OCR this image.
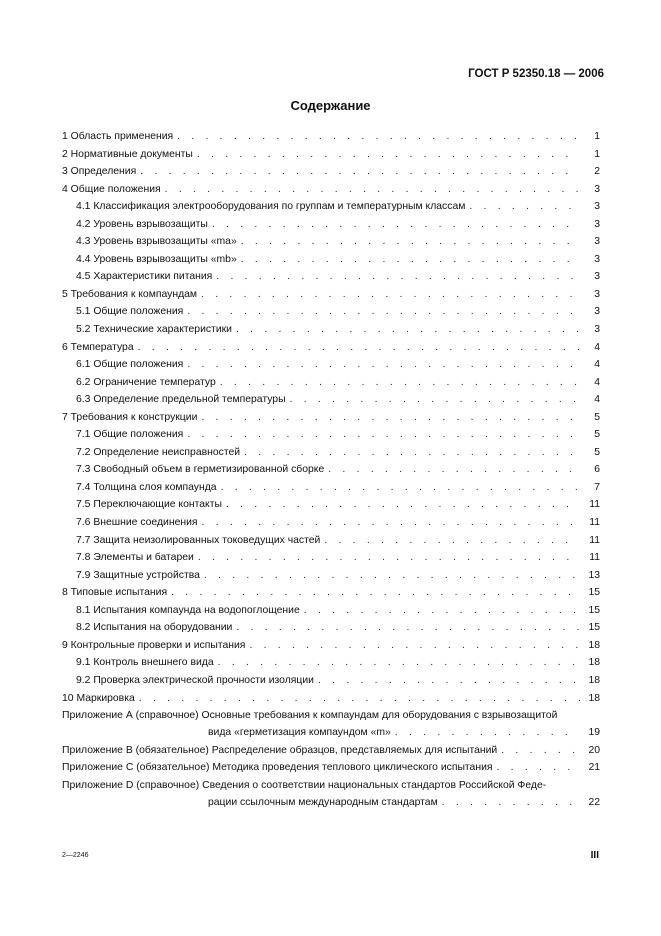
ГОСТ Р 52350.18 — 2006
Содержание
1 Область применения . . .	1
2 Нормативные документы . . .	1
3 Определения . . .	2
4 Общие положения . . .	3
4.1 Классификация электрооборудования по группам и температурным классам . . .	3
4.2 Уровень взрывозащиты . . .	3
4.3 Уровень взрывозащиты «ma» . . .	3
4.4 Уровень взрывозащиты «mb» . . .	3
4.5 Характеристики питания . . .	3
5 Требования к компаундам . . .	3
5.1 Общие положения . . .	3
5.2 Технические характеристики . . .	3
6 Температура . . .	4
6.1 Общие положения . . .	4
6.2 Ограничение температур . . .	4
6.3 Определение предельной температуры . . .	4
7 Требования к конструкции . . .	5
7.1 Общие положения . . .	5
7.2 Определение неисправностей . . .	5
7.3 Свободный объем в герметизированной сборке . . .	6
7.4 Толщина слоя компаунда . . .	7
7.5 Переключающие контакты . . .	11
7.6 Внешние соединения . . .	11
7.7 Защита неизолированных токоведущих частей . . .	11
7.8 Элементы и батареи . . .	11
7.9 Защитные устройства . . .	13
8 Типовые испытания . . .	15
8.1 Испытания компаунда на водопоглощение . . .	15
8.2 Испытания на оборудовании . . .	15
9 Контрольные проверки и испытания . . .	18
9.1 Контроль внешнего вида . . .	18
9.2 Проверка электрической прочности изоляции . . .	18
10 Маркировка . . .	18
Приложение А (справочное) Основные требования к компаундам для оборудования с взрывозащитой
вида «герметизация компаундом «m» . . .	19
Приложение В (обязательное) Распределение образцов, представляемых для испытаний . . .	20
Приложение С (обязательное) Методика проведения теплового циклического испытания . . .	21
Приложение D (справочное) Сведения о соответствии национальных стандартов Российской Феде-
рации ссылочным международным стандартам . . .	22
2—2246	III
